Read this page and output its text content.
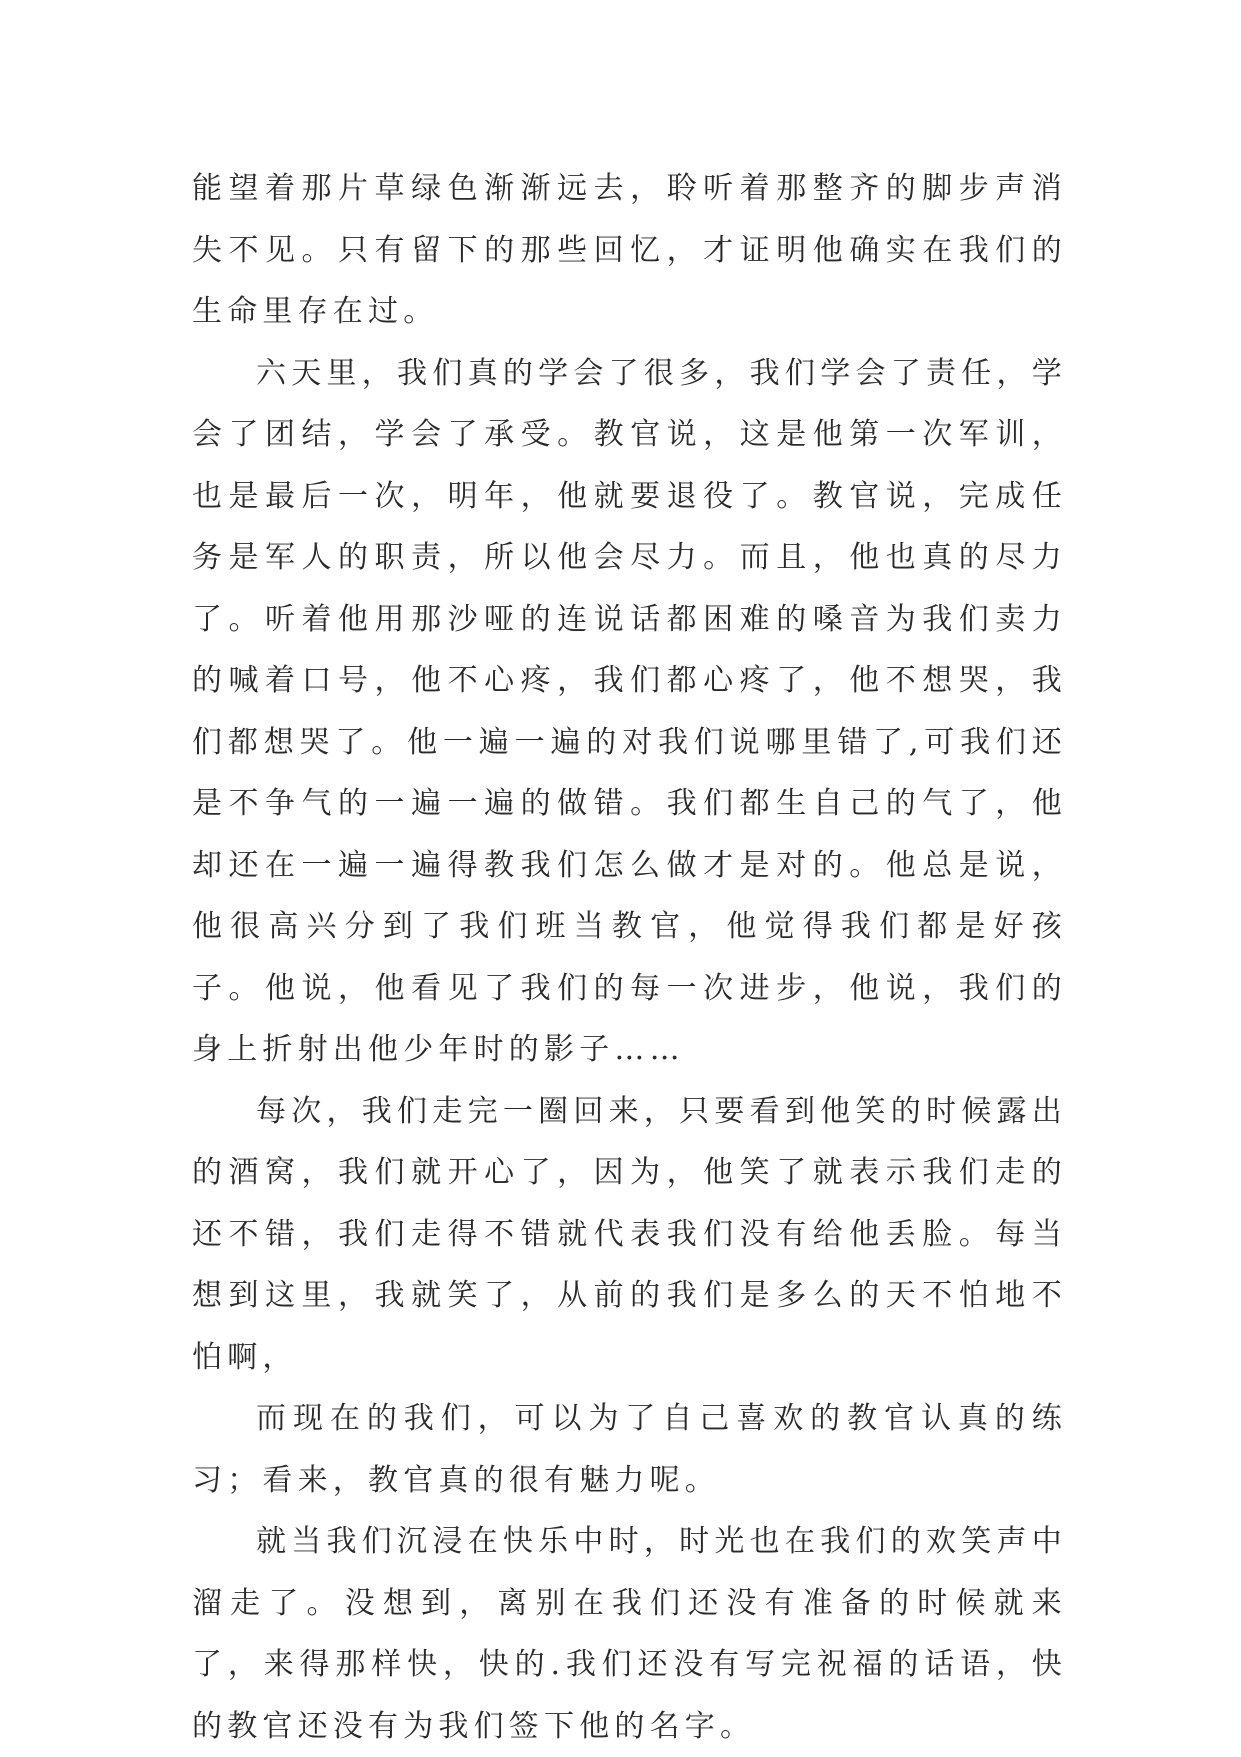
能望着那片草绿色渐渐远去，聆听着那整齐的脚步声消失不见。只有留下的那些回忆，才证明他确实在我们的生命里存在过。

六天里，我们真的学会了很多，我们学会了责任，学会了团结，学会了承受。教官说，这是他第一次军训，也是最后一次，明年，他就要退役了。教官说，完成任务是军人的职责，所以他会尽力。而且，他也真的尽力了。听着他用那沙哑的连说话都困难的嗓音为我们卖力的喊着口号，他不心疼，我们都心疼了，他不想哭，我们都想哭了。他一遍一遍的对我们说哪里错了,可我们还是不争气的一遍一遍的做错。我们都生自己的气了，他却还在一遍一遍得教我们怎么做才是对的。他总是说，他很高兴分到了我们班当教官，他觉得我们都是好孩子。他说，他看见了我们的每一次进步，他说，我们的身上折射出他少年时的影子……

每次，我们走完一圈回来，只要看到他笑的时候露出的酒窝，我们就开心了，因为，他笑了就表示我们走的还不错，我们走得不错就代表我们没有给他丢脸。每当想到这里，我就笑了，从前的我们是多么的天不怕地不怕啊，

而现在的我们，可以为了自己喜欢的教官认真的练习；看来，教官真的很有魅力呢。

就当我们沉浸在快乐中时，时光也在我们的欢笑声中溜走了。没想到，离别在我们还没有准备的时候就来了，来得那样快，快的.我们还没有写完祝福的话语，快的教官还没有为我们签下他的名字。
